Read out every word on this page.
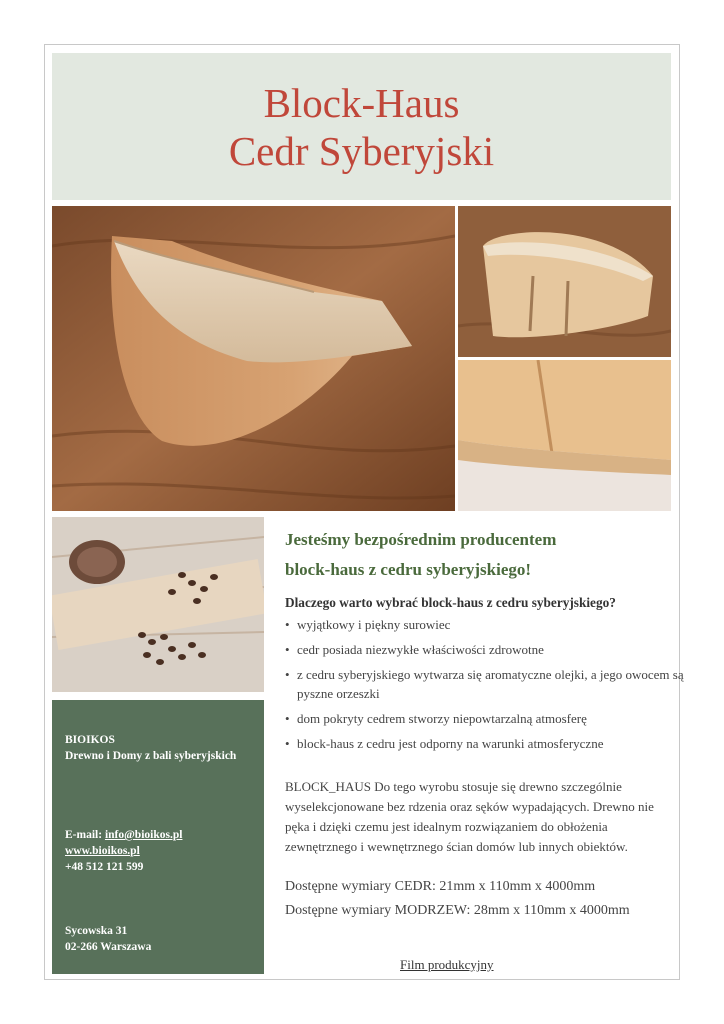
Block-Haus
Cedr Syberyjski
BIOIKOS
Drewno i Domy z bali syberyjskich
E-mail: info@bioikos.pl
www.bioikos.pl
+48 512 121 599
Sycowska 31
02-266 Warszawa
Jesteśmy bezpośrednim producentem
block-haus z cedru syberyjskiego!
Dlaczego warto wybrać block-haus z cedru syberyjskiego?
• wyjątkowy i piękny surowiec
• cedr posiada niezwykłe właściwości zdrowotne
• z cedru syberyjskiego wytwarza się aromatyczne olejki, a jego owocem są pyszne orzeszki
• dom pokryty cedrem stworzy niepowtarzalną atmosferę
• block-haus z cedru jest odporny na warunki atmosferyczne
BLOCK_HAUS Do tego wyrobu stosuje się drewno szczególnie wyselekcjonowane bez rdzenia oraz sęków wypadających. Drewno nie pęka i dzięki czemu jest idealnym rozwiązaniem do obłożenia zewnętrznego i wewnętrznego ścian domów lub innych obiektów.
Dostępne wymiary CEDR: 21mm x 110mm x 4000mm
Dostępne wymiary MODRZEW: 28mm x 110mm x 4000mm
Film produkcyjny
